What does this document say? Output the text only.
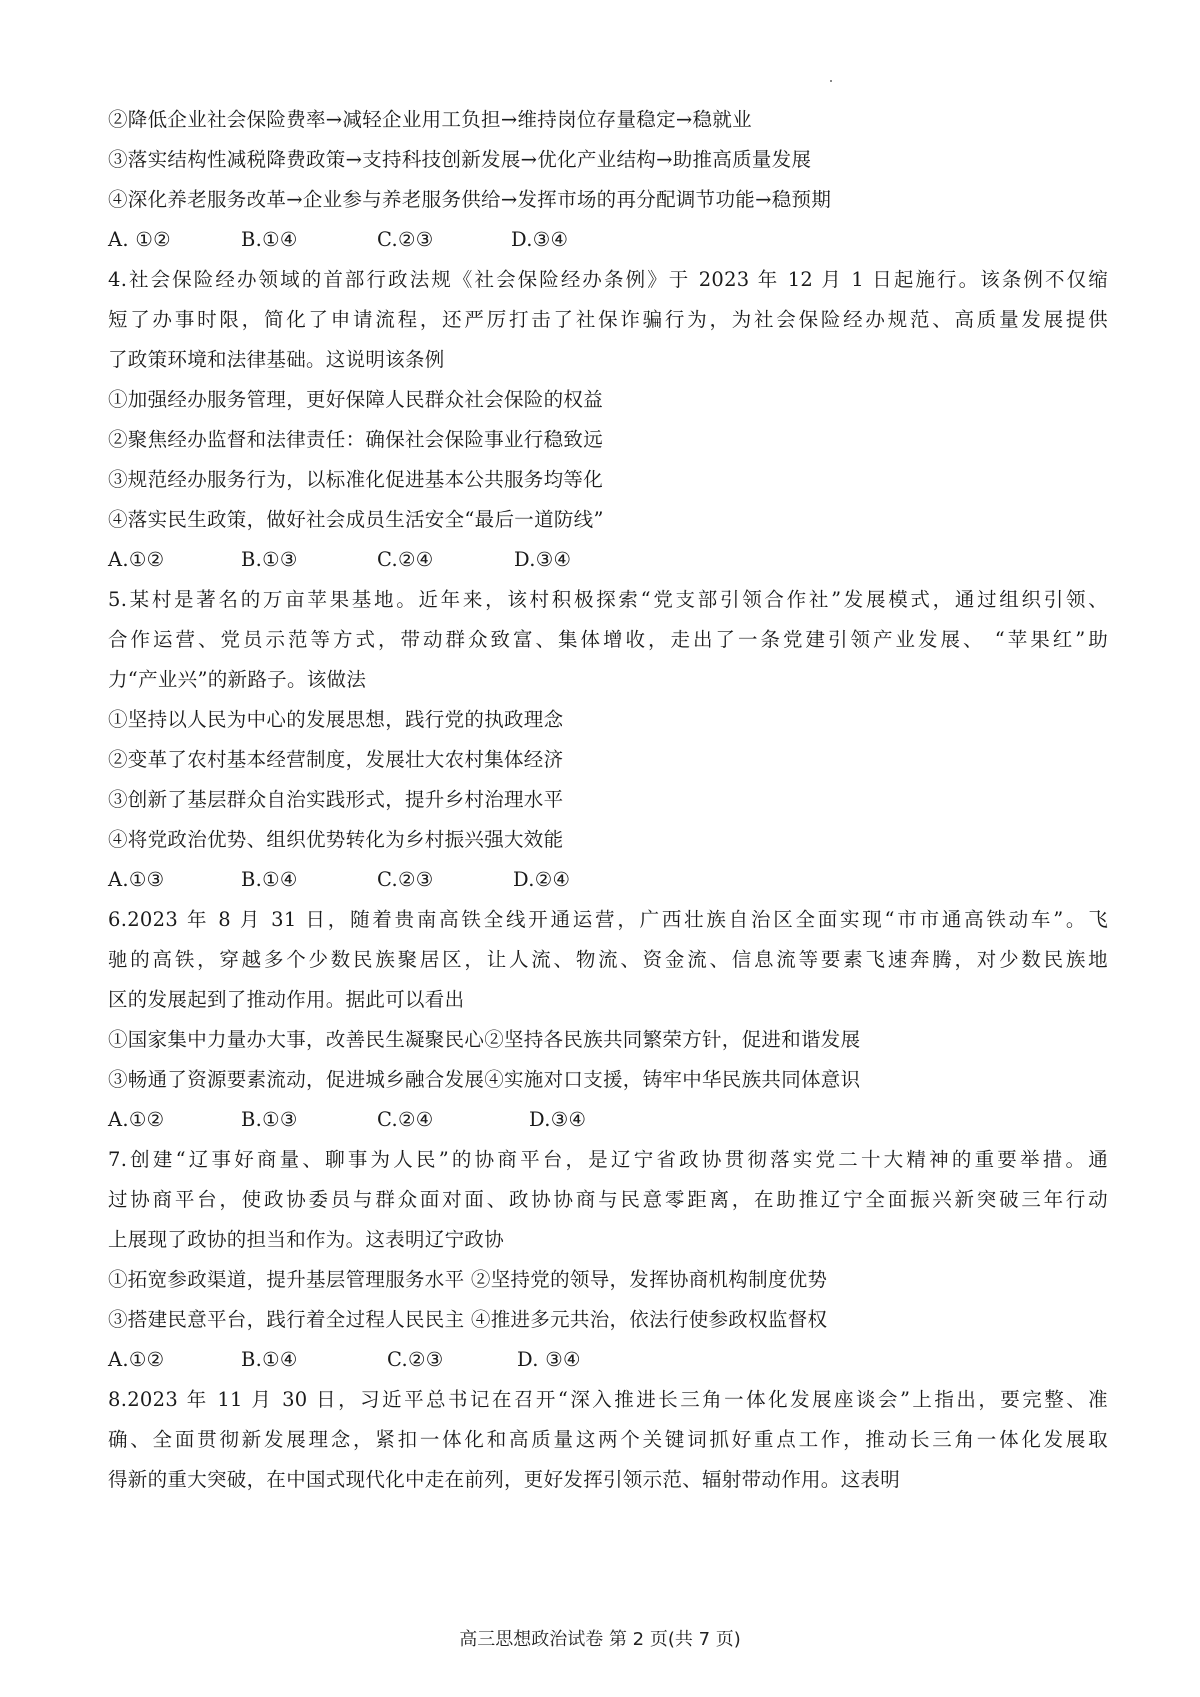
②降低企业社会保险费率→减轻企业用工负担→维持岗位存量稳定→稳就业
③落实结构性减税降费政策→支持科技创新发展→优化产业结构→助推高质量发展
④深化养老服务改革→企业参与养老服务供给→发挥市场的再分配调节功能→稳预期
A. ①②	B.①④	C.②③	D.③④
4.社会保险经办领域的首部行政法规《社会保险经办条例》于 2023 年 12 月 1 日起施行。该条例不仅缩
短了办事时限，简化了申请流程，还严厉打击了社保诈骗行为，为社会保险经办规范、高质量发展提供
了政策环境和法律基础。这说明该条例
①加强经办服务管理，更好保障人民群众社会保险的权益
②聚焦经办监督和法律责任：确保社会保险事业行稳致远
③规范经办服务行为，以标准化促进基本公共服务均等化
④落实民生政策，做好社会成员生活安全“最后一道防线”
A.①②	B.①③	C.②④	D.③④
5.某村是著名的万亩苹果基地。近年来，该村积极探索“党支部引领合作社”发展模式，通过组织引领、
合作运营、党员示范等方式，带动群众致富、集体增收，走出了一条党建引领产业发展、 “苹果红”助
力“产业兴”的新路子。该做法
①坚持以人民为中心的发展思想，践行党的执政理念
②变革了农村基本经营制度，发展壮大农村集体经济
③创新了基层群众自治实践形式，提升乡村治理水平
④将党政治优势、组织优势转化为乡村振兴强大效能
A.①③	B.①④	C.②③	D.②④
6.2023 年 8 月 31 日，随着贵南高铁全线开通运营，广西壮族自治区全面实现“市市通高铁动车”。飞
驰的高铁，穿越多个少数民族聚居区，让人流、物流、资金流、信息流等要素飞速奔腾，对少数民族地
区的发展起到了推动作用。据此可以看出
①国家集中力量办大事，改善民生凝聚民心②坚持各民族共同繁荣方针，促进和谐发展
③畅通了资源要素流动，促进城乡融合发展④实施对口支援，铸牢中华民族共同体意识
A.①②	B.①③	C.②④	D.③④
7.创建“辽事好商量、聊事为人民”的协商平台，是辽宁省政协贯彻落实党二十大精神的重要举措。通
过协商平台，使政协委员与群众面对面、政协协商与民意零距离，在助推辽宁全面振兴新突破三年行动
上展现了政协的担当和作为。这表明辽宁政协
①拓宽参政渠道，提升基层管理服务水平 ②坚持党的领导，发挥协商机构制度优势
③搭建民意平台，践行着全过程人民民主 ④推进多元共治，依法行使参政权监督权
A.①②	B.①④	C.②③	D. ③④
8.2023 年 11 月 30 日，习近平总书记在召开“深入推进长三角一体化发展座谈会”上指出，要完整、准
确、全面贯彻新发展理念，紧扣一体化和高质量这两个关键词抓好重点工作，推动长三角一体化发展取
得新的重大突破，在中国式现代化中走在前列，更好发挥引领示范、辐射带动作用。这表明
高三思想政治试卷 第 2 页(共 7 页)
